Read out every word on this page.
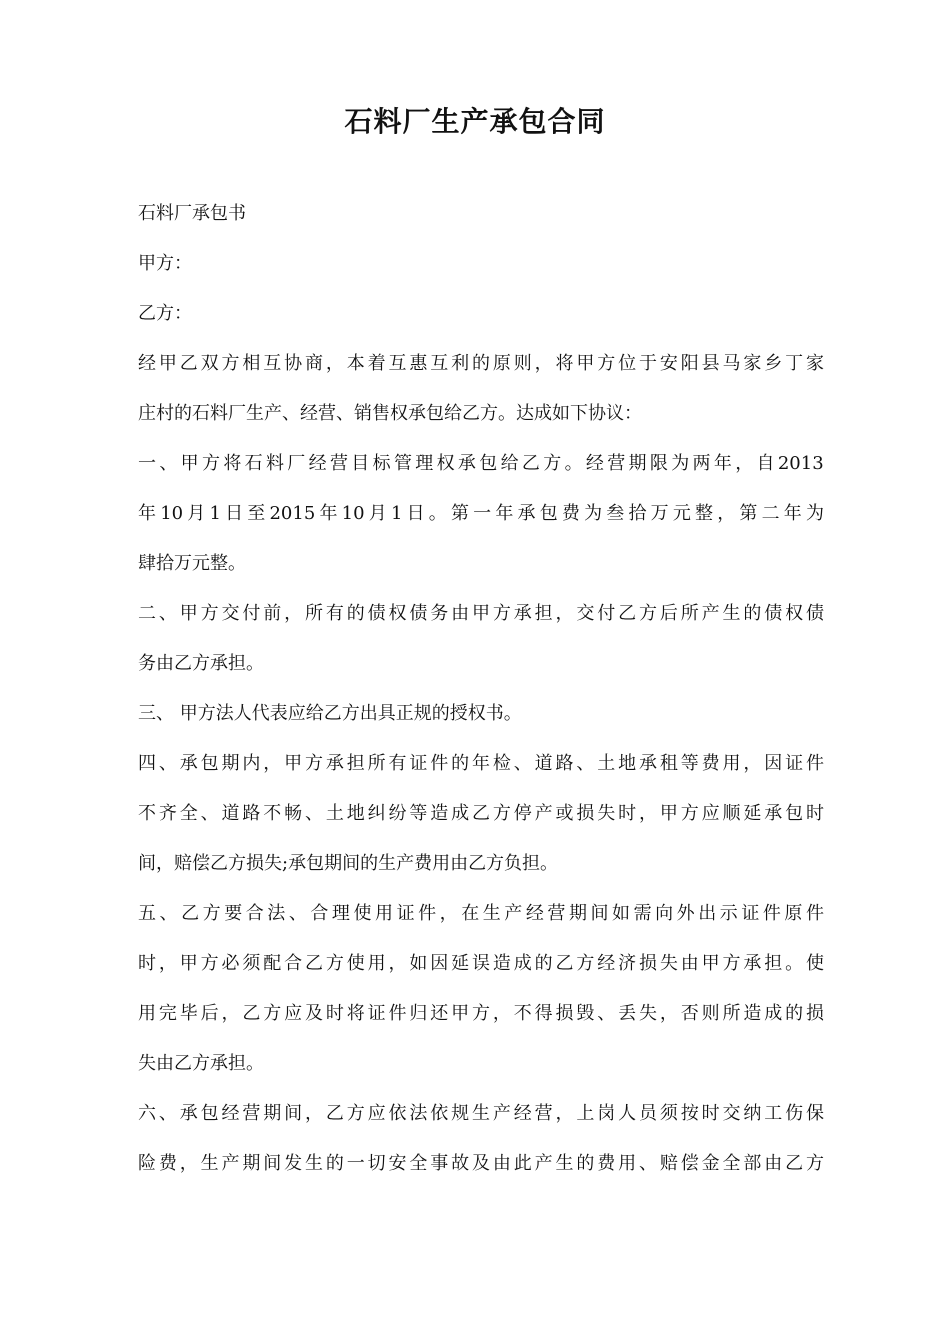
石料厂生产承包合同
石料厂承包书
甲方：
乙方：
经 甲 乙 双 方 相 互 协 商 ， 本 着 互 惠 互 利 的 原 则 ， 将 甲 方 位 于 安 阳 县 马 家 乡 丁 家
庄村的石料厂生产、经营、销售权承包给乙方。达成如下协议：
一 、 甲 方 将 石 料 厂 经 营 目 标 管 理 权 承 包 给 乙 方 。 经 营 期 限 为 两 年 ， 自 2013
年 10 月 1 日 至 2015 年 10 月 1 日 。 第 一 年 承 包 费 为 叁 拾 万 元 整 ， 第 二 年 为
肆拾万元整。
二 、 甲 方 交 付 前 ， 所 有 的 债 权 债 务 由 甲 方 承 担 ， 交 付 乙 方 后 所 产 生 的 债 权 债
务由乙方承担。
三、 甲方法人代表应给乙方出具正规的授权书。
四 、 承 包 期 内 ， 甲 方 承 担 所 有 证 件 的 年 检 、 道 路 、 土 地 承 租 等 费 用 ， 因 证 件
不 齐 全 、 道 路 不 畅 、 土 地 纠 纷 等 造 成 乙 方 停 产 或 损 失 时 ， 甲 方 应 顺 延 承 包 时
间，赔偿乙方损失;承包期间的生产费用由乙方负担。
五 、 乙 方 要 合 法 、 合 理 使 用 证 件 ， 在 生 产 经 营 期 间 如 需 向 外 出 示 证 件 原 件
时 ， 甲 方 必 须 配 合 乙 方 使 用 ， 如 因 延 误 造 成 的 乙 方 经 济 损 失 由 甲 方 承 担 。 使
用 完 毕 后 ， 乙 方 应 及 时 将 证 件 归 还 甲 方 ， 不 得 损 毁 、 丢 失 ， 否 则 所 造 成 的 损
失由乙方承担。
六 、 承 包 经 营 期 间 ， 乙 方 应 依 法 依 规 生 产 经 营 ， 上 岗 人 员 须 按 时 交 纳 工 伤 保
险 费 ， 生 产 期 间 发 生 的 一 切 安 全 事 故 及 由 此 产 生 的 费 用 、 赔 偿 金 全 部 由 乙 方
